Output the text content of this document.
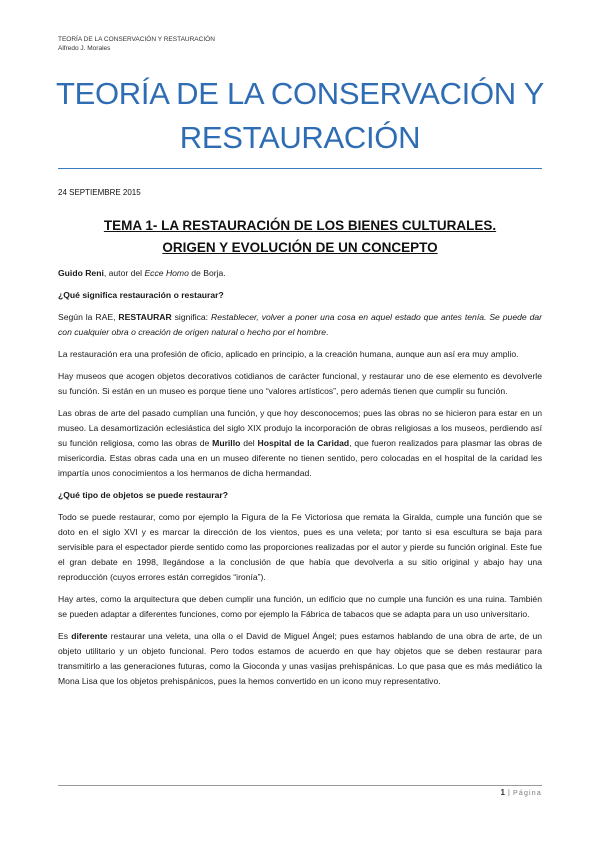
TEORÍA DE LA CONSERVACIÓN Y RESTAURACIÓN
Alfredo J. Morales
TEORÍA DE LA CONSERVACIÓN Y RESTAURACIÓN
24 SEPTIEMBRE 2015
TEMA 1- LA RESTAURACIÓN DE LOS BIENES CULTURALES.
ORIGEN Y EVOLUCIÓN DE UN CONCEPTO

Guido Reni, autor del Ecce Homo de Borja.

¿Qué significa restauración o restaurar?

Según la RAE, RESTAURAR significa: Restablecer, volver a poner una cosa en aquel estado que antes tenía. Se puede dar con cualquier obra o creación de origen natural o hecho por el hombre.

La restauración era una profesión de oficio, aplicado en principio, a la creación humana, aunque aun así era muy amplio.

Hay museos que acogen objetos decorativos cotidianos de carácter funcional, y restaurar uno de ese elemento es devolverle su función. Si están en un museo es porque tiene uno “valores artísticos”, pero además tienen que cumplir su función.

Las obras de arte del pasado cumplían una función, y que hoy desconocemos; pues las obras no se hicieron para estar en un museo. La desamortización eclesiástica del siglo XIX produjo la incorporación de obras religiosas a los museos, perdiendo así su función religiosa, como las obras de Murillo del Hospital de la Caridad, que fueron realizados para plasmar las obras de misericordia. Estas obras cada una en un museo diferente no tienen sentido, pero colocadas en el hospital de la caridad les impartía unos conocimientos a los hermanos de dicha hermandad.

¿Qué tipo de objetos se puede restaurar?

Todo se puede restaurar, como por ejemplo la Figura de la Fe Victoriosa que remata la Giralda, cumple una función que se doto en el siglo XVI y es marcar la dirección de los vientos, pues es una veleta; por tanto si esa escultura se baja para servisible para el espectador pierde sentido como las proporciones realizadas por el autor y pierde su función original. Este fue el gran debate en 1998, llegándose a la conclusión de que había que devolverla a su sitio original y abajo hay una reproducción (cuyos errores están corregidos “ironía”).

Hay artes, como la arquitectura que deben cumplir una función, un edificio que no cumple una función es una ruina. También se pueden adaptar a diferentes funciones, como por ejemplo la Fábrica de tabacos que se adapta para un uso universitario.

Es diferente restaurar una veleta, una olla o el David de Miguel Ángel; pues estamos hablando de una obra de arte, de un objeto utilitario y un objeto funcional. Pero todos estamos de acuerdo en que hay objetos que se deben restaurar para transmitirlo a las generaciones futuras, como la Gioconda y unas vasijas prehispánicas. Lo que pasa que es más mediático la Mona Lisa que los objetos prehispánicos, pues la hemos convertido en un icono muy representativo.

1 | Página
